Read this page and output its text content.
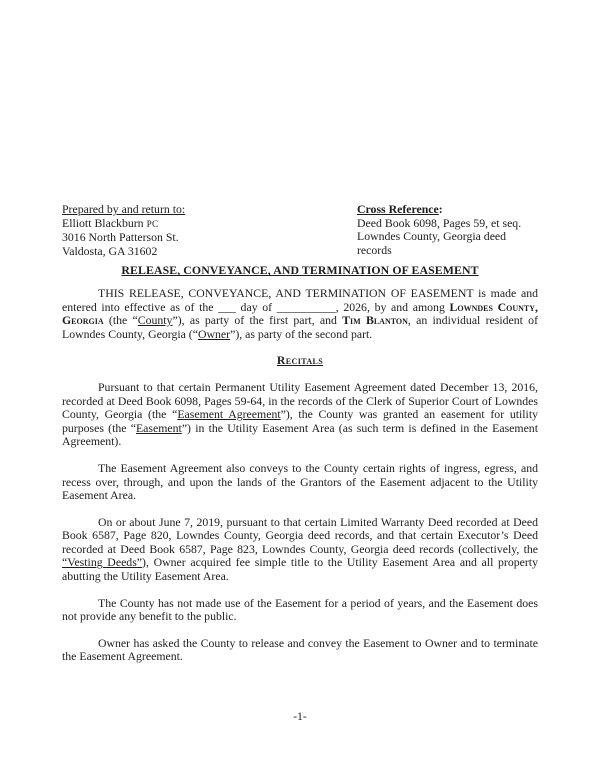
Prepared by and return to:
Elliott Blackburn PC
3016 North Patterson St.
Valdosta, GA 31602
Cross Reference:
Deed Book 6098, Pages 59, et seq.
Lowndes County, Georgia deed records
RELEASE, CONVEYANCE, AND TERMINATION OF EASEMENT

THIS RELEASE, CONVEYANCE, AND TERMINATION OF EASEMENT is made and entered into effective as of the ___ day of __________, 2026, by and among Lowndes County, Georgia (the “County”), as party of the first part, and Tim Blanton, an individual resident of Lowndes County, Georgia (“Owner”), as party of the second part.

Recitals

Pursuant to that certain Permanent Utility Easement Agreement dated December 13, 2016, recorded at Deed Book 6098, Pages 59-64, in the records of the Clerk of Superior Court of Lowndes County, Georgia (the “Easement Agreement”), the County was granted an easement for utility purposes (the “Easement”) in the Utility Easement Area (as such term is defined in the Easement Agreement).

The Easement Agreement also conveys to the County certain rights of ingress, egress, and recess over, through, and upon the lands of the Grantors of the Easement adjacent to the Utility Easement Area.

On or about June 7, 2019, pursuant to that certain Limited Warranty Deed recorded at Deed Book 6587, Page 820, Lowndes County, Georgia deed records, and that certain Executor’s Deed recorded at Deed Book 6587, Page 823, Lowndes County, Georgia deed records (collectively, the “Vesting Deeds”), Owner acquired fee simple title to the Utility Easement Area and all property abutting the Utility Easement Area.

The County has not made use of the Easement for a period of years, and the Easement does not provide any benefit to the public.

Owner has asked the County to release and convey the Easement to Owner and to terminate the Easement Agreement.

-1-
